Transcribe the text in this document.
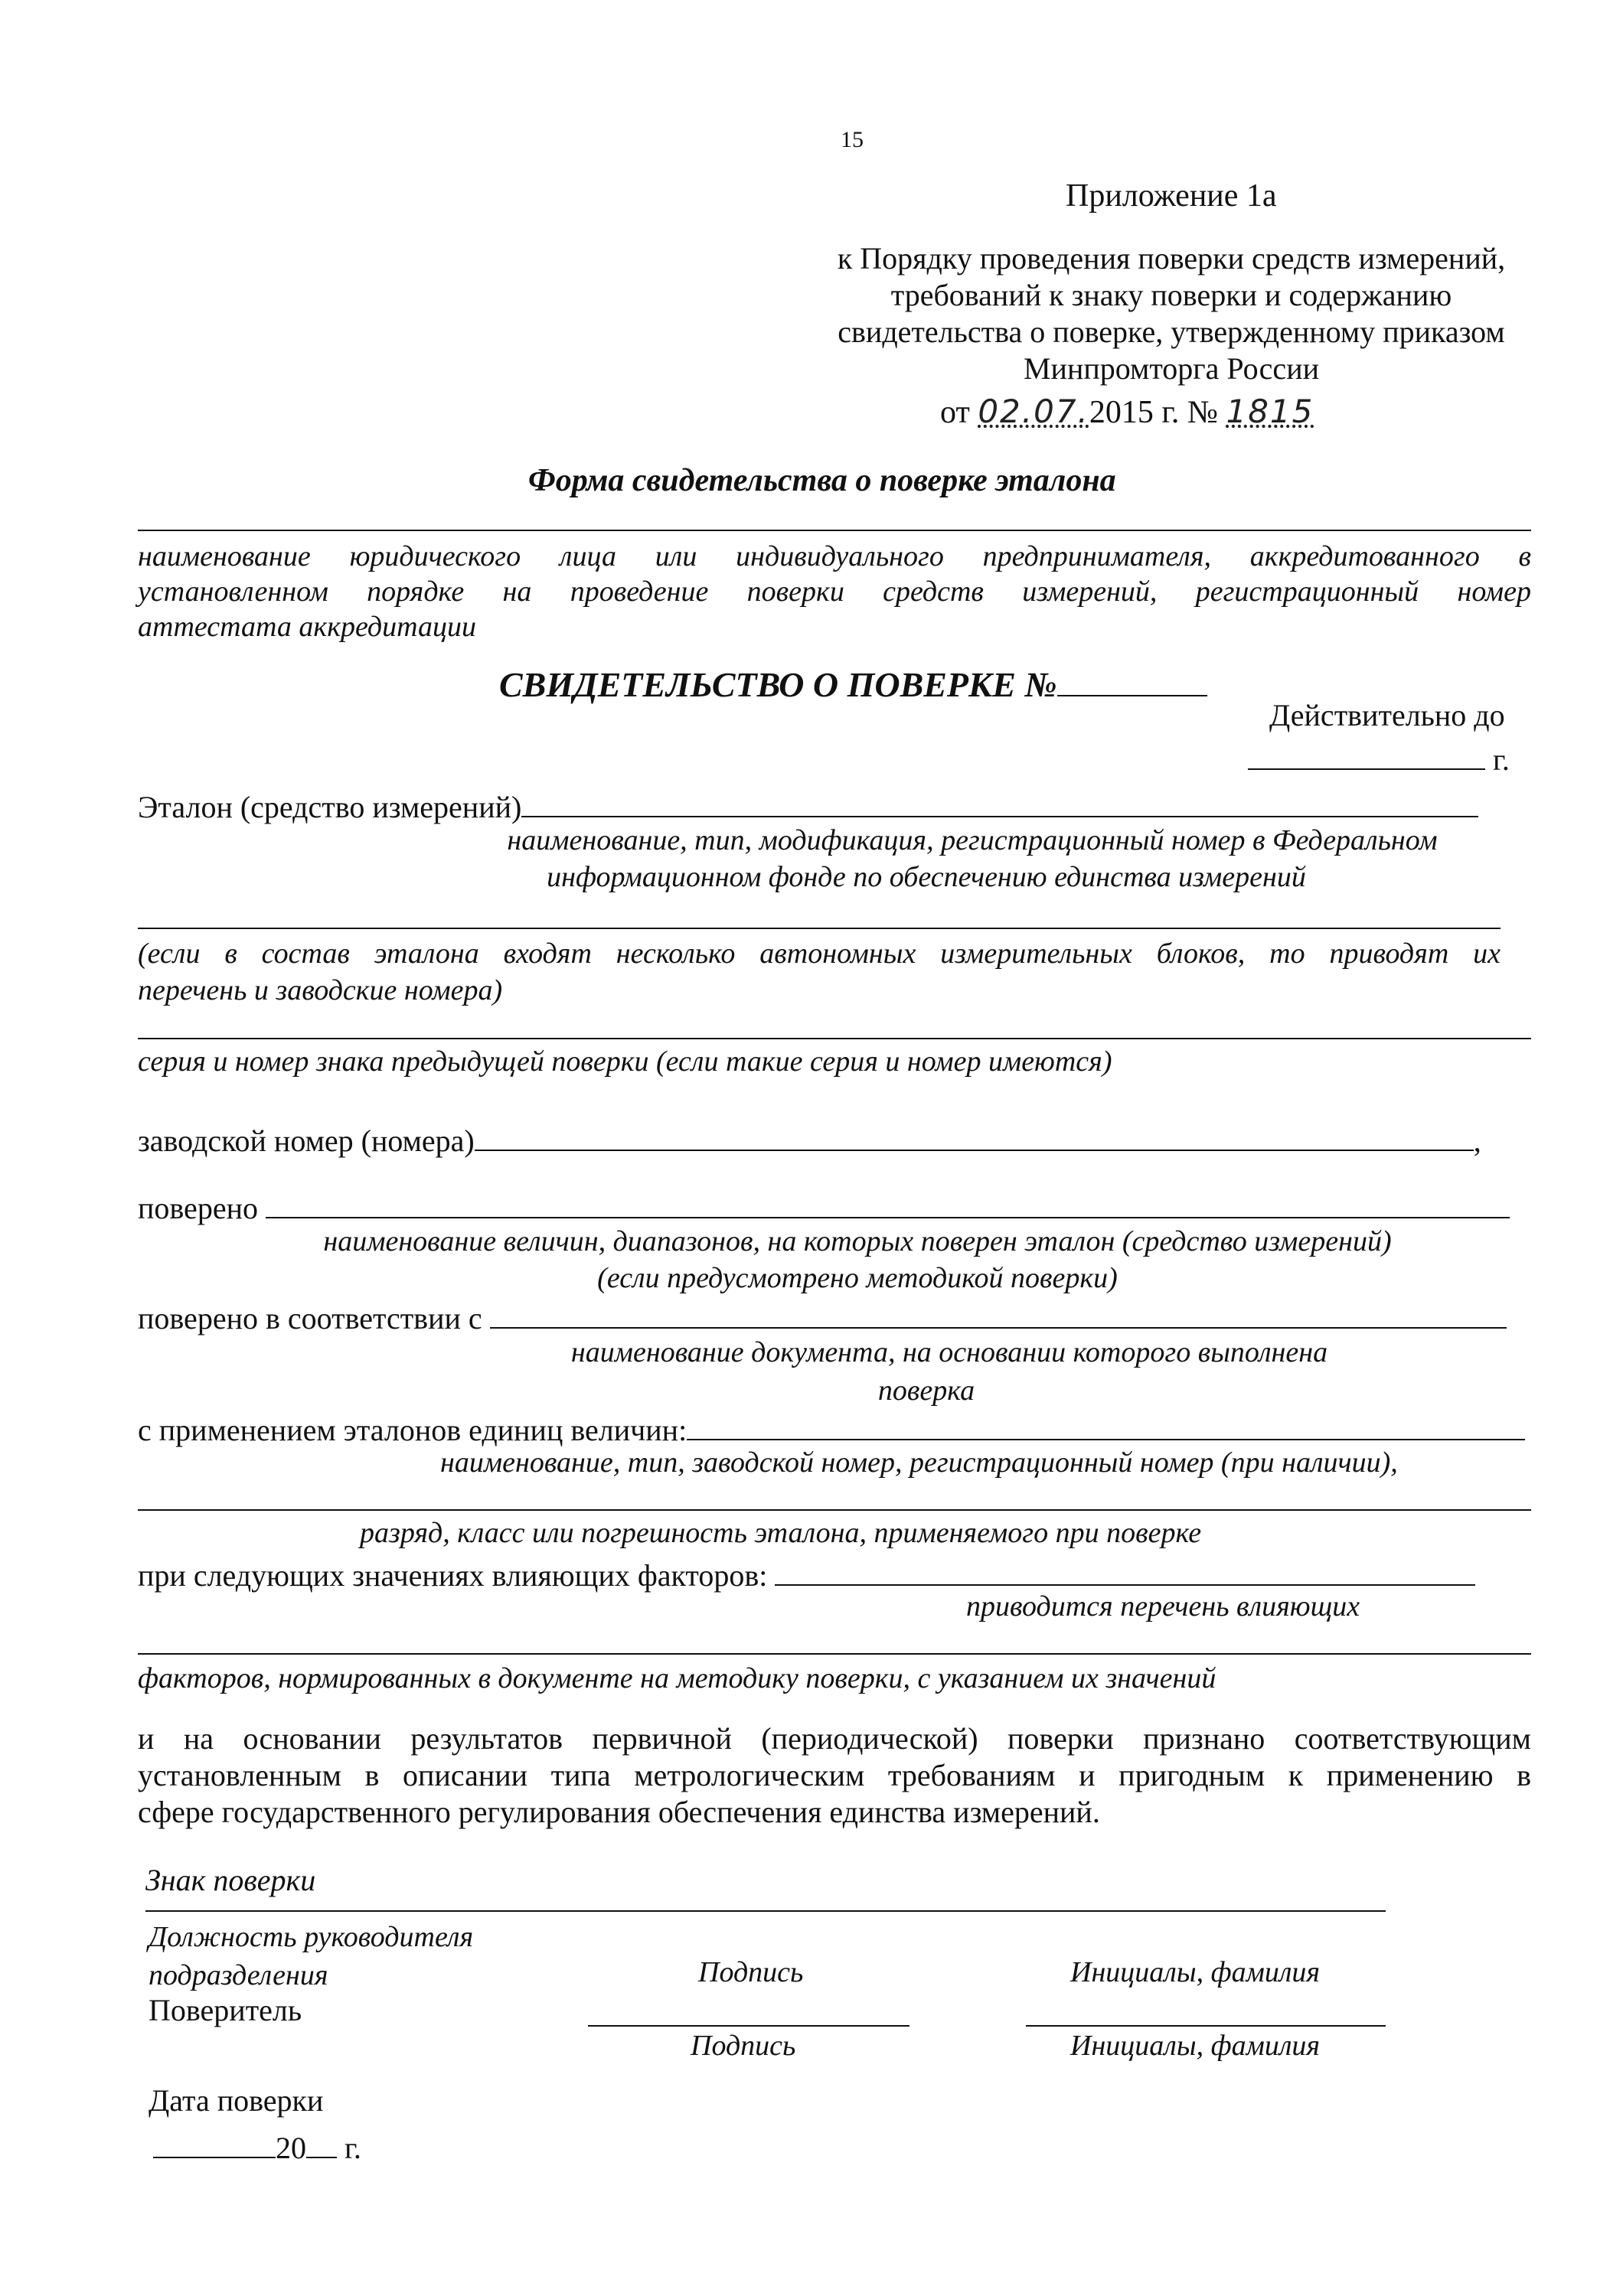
15
Приложение 1а
к Порядку проведения поверки средств измерений,
требований к знаку поверки и содержанию
свидетельства о поверке, утвержденному приказом
Минпромторга России
от 02.07.2015 г. № 1815
Форма свидетельства о поверке эталона
наименование юридического лица или индивидуального предпринимателя, аккредитованного в
установленном порядке на проведение поверки средств измерений, регистрационный номер
аттестата аккредитации
СВИДЕТЕЛЬСТВО О ПОВЕРКЕ №
Действительно до
г.
Эталон (средство измерений)
наименование, тип, модификация, регистрационный номер в Федеральном
информационном фонде по обеспечению единства измерений
(если в состав эталона входят несколько автономных измерительных блоков, то приводят их
перечень и заводские номера)
серия и номер знака предыдущей поверки (если такие серия и номер имеются)
заводской номер (номера)	,
поверено
наименование величин, диапазонов, на которых поверен эталон (средство измерений)
(если предусмотрено методикой поверки)
поверено в соответствии с
наименование документа, на основании которого выполнена
поверка
с применением эталонов единиц величин:
наименование, тип, заводской номер, регистрационный номер (при наличии),
разряд, класс или погрешность эталона, применяемого при поверке
при следующих значениях влияющих факторов:
приводится перечень влияющих
факторов, нормированных в документе на методику поверки, с указанием их значений
и на основании результатов первичной (периодической) поверки признано соответствующим
установленным в описании типа метрологическим требованиям и пригодным к применению в
сферe государственного регулирования обеспечения единства измерений.
Знак поверки
Должность руководителя
подразделения	Подпись	Инициалы, фамилия
Поверитель
Подпись	Инициалы, фамилия
Дата поверки
20 г.
